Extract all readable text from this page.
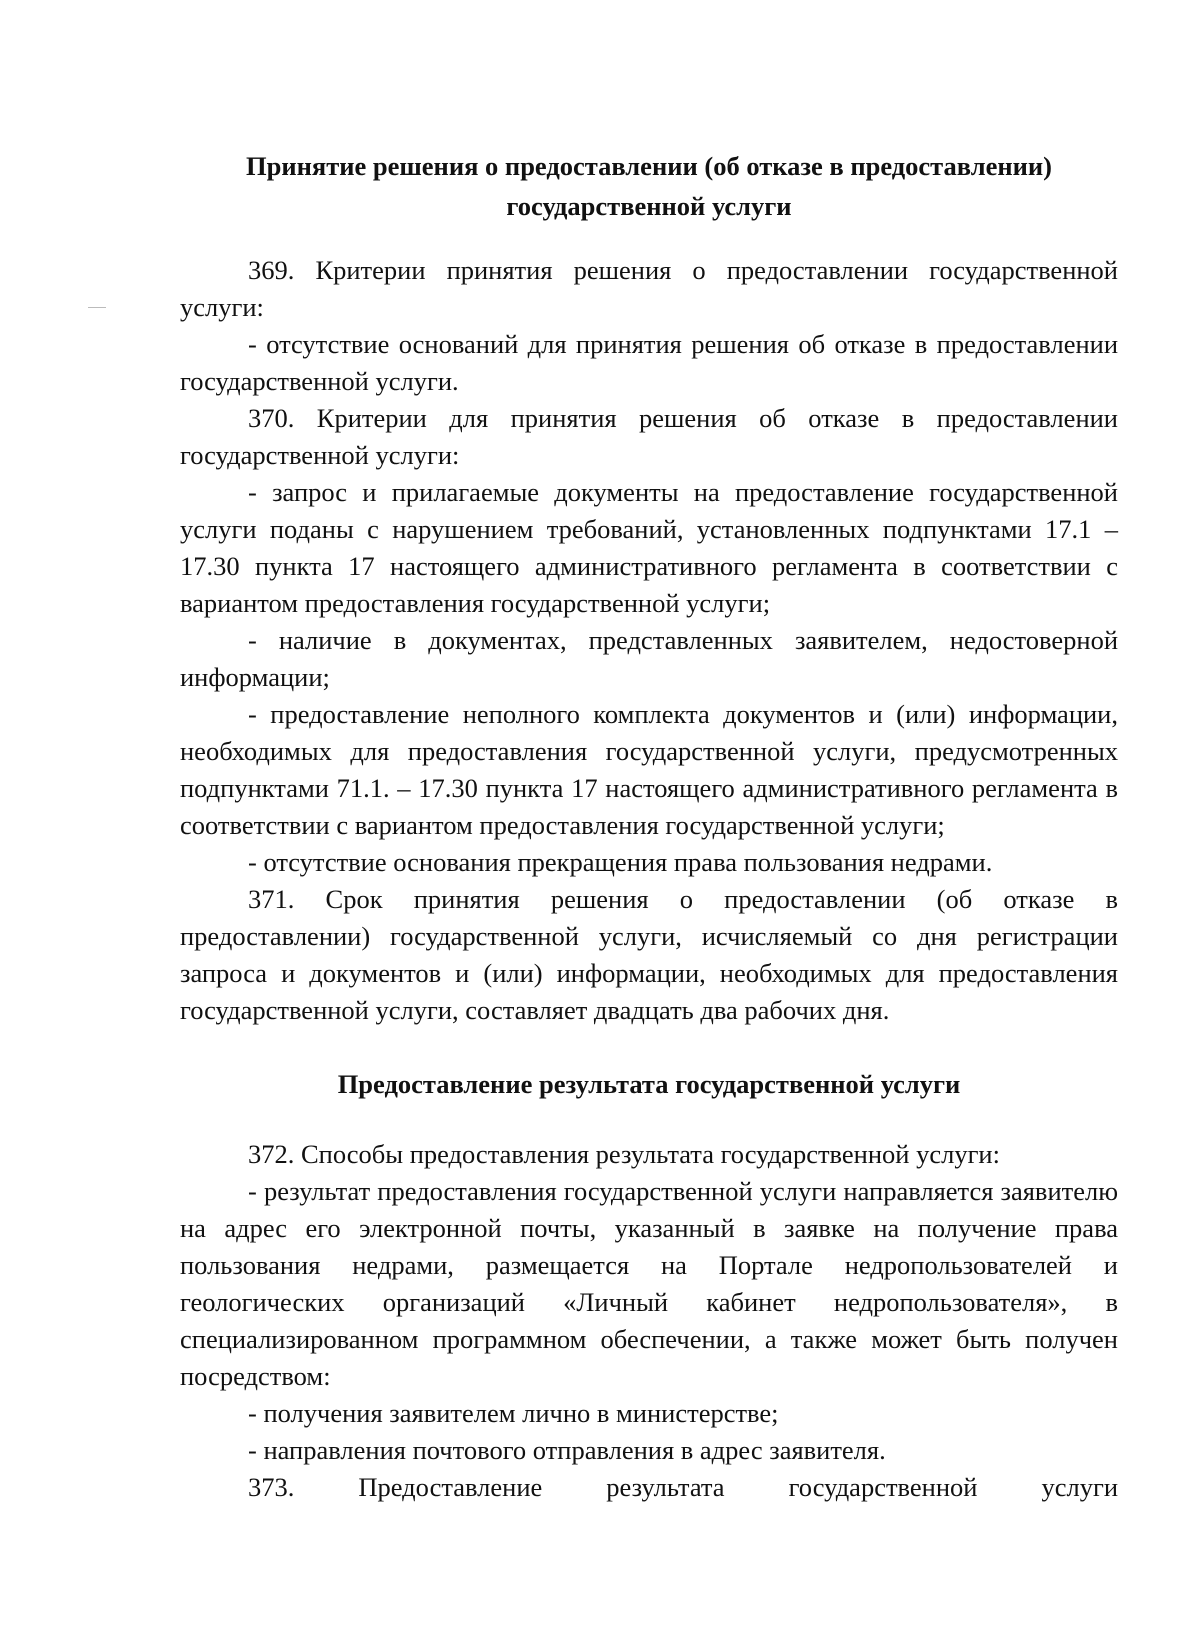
Принятие решения о предоставлении (об отказе в предоставлении)
государственной услуги

369. Критерии принятия решения о предоставлении государственной услуги:

- отсутствие оснований для принятия решения об отказе в предоставлении государственной услуги.

370. Критерии для принятия решения об отказе в предоставлении государственной услуги:

- запрос и прилагаемые документы на предоставление государственной услуги поданы с нарушением требований, установленных подпунктами 17.1 – 17.30 пункта 17 настоящего административного регламента в соответствии с вариантом предоставления государственной услуги;

- наличие в документах, представленных заявителем, недостоверной информации;

- предоставление неполного комплекта документов и (или) информации, необходимых для предоставления государственной услуги, предусмотренных подпунктами 71.1. – 17.30 пункта 17 настоящего административного регламента в соответствии с вариантом предоставления государственной услуги;

- отсутствие основания прекращения права пользования недрами.

371. Срок принятия решения о предоставлении (об отказе в предоставлении) государственной услуги, исчисляемый со дня регистрации запроса и документов и (или) информации, необходимых для предоставления государственной услуги, составляет двадцать два рабочих дня.

Предоставление результата государственной услуги

372. Способы предоставления результата государственной услуги:

- результат предоставления государственной услуги направляется заявителю на адрес его электронной почты, указанный в заявке на получение права пользования недрами, размещается на Портале недропользователей и геологических организаций «Личный кабинет недропользователя», в специализированном программном обеспечении, а также может быть получен посредством:

- получения заявителем лично в министерстве;

- направления почтового отправления в адрес заявителя.

373. Предоставление результата государственной услуги
